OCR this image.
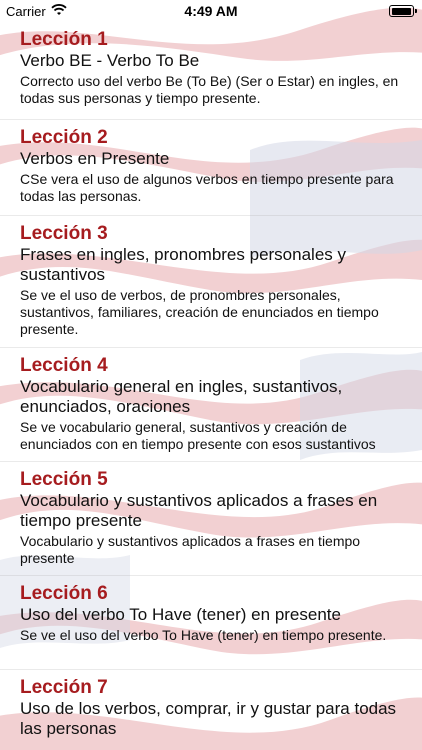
Carrier	4:49 AM
Lección 1
Verbo BE - Verbo To Be
Correcto uso del verbo Be (To Be) (Ser o Estar) en ingles, en todas sus personas y tiempo presente.
Lección 2
Verbos en Presente
CSe vera el uso de algunos verbos en tiempo presente para todas las personas.
Lección 3
Frases en ingles, pronombres personales y sustantivos
Se ve el uso de verbos, de pronombres personales, sustantivos, familiares, creación de enunciados en tiempo presente.
Lección 4
Vocabulario general en ingles, sustantivos, enunciados, oraciones
Se ve vocabulario general, sustantivos y creación de enunciados con en tiempo presente con esos sustantivos
Lección 5
Vocabulario y sustantivos aplicados a frases en tiempo presente
Vocabulario y sustantivos aplicados a frases en tiempo presente
Lección 6
Uso del verbo To Have (tener) en presente
Se ve el uso del verbo To Have (tener) en tiempo presente.
Lección 7
Uso de los verbos, comprar, ir y gustar para todas las personas
